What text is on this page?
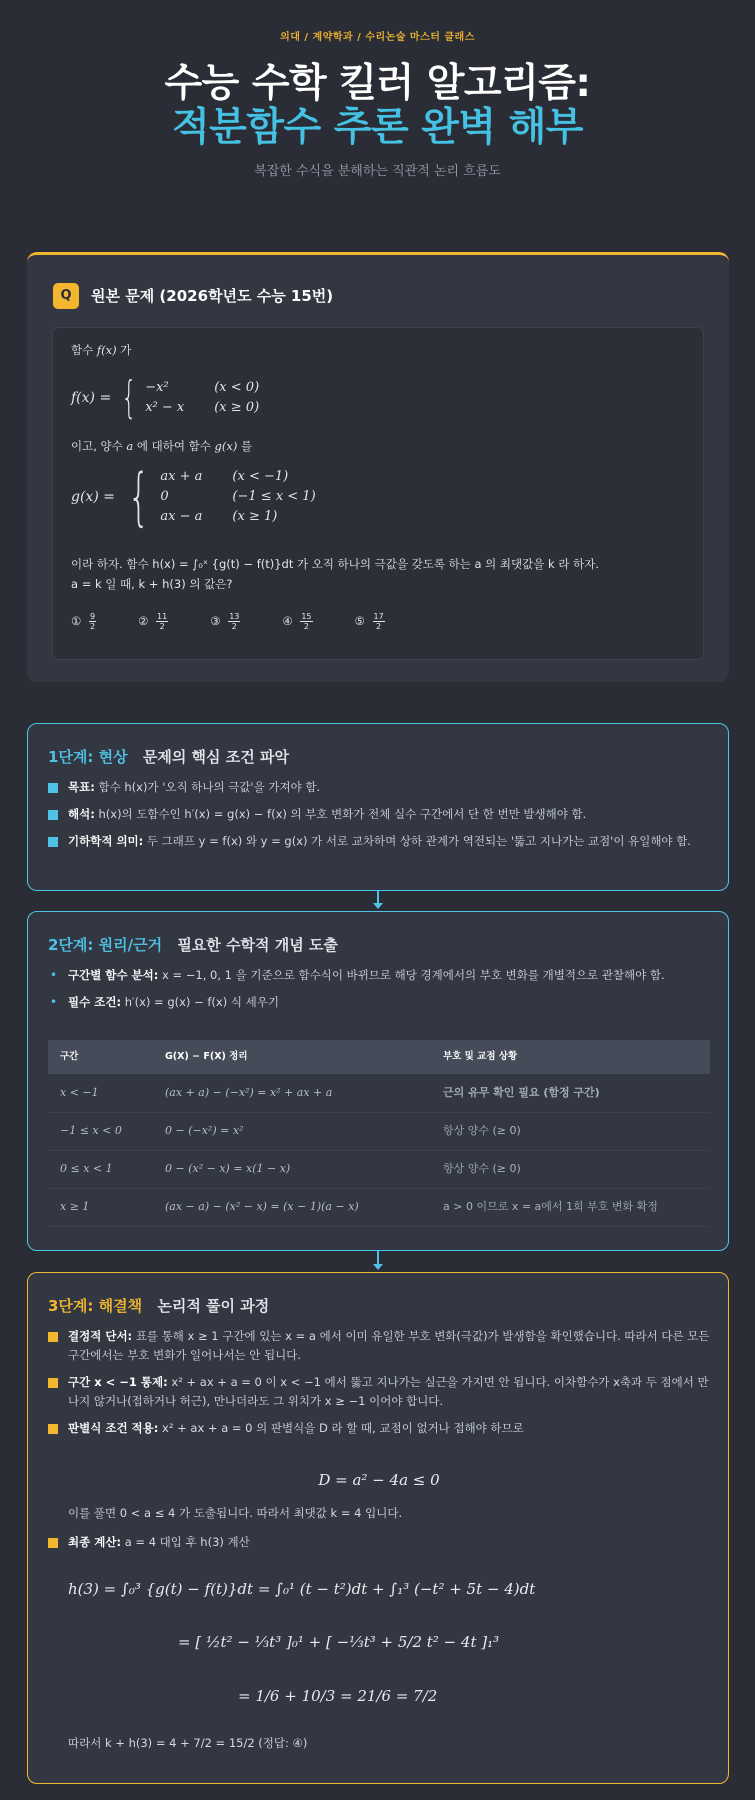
의대 / 계약학과 / 수리논술 마스터 클래스
수능 수학 킬러 알고리즘:
적분함수 추론 완벽 해부
복잡한 수식을 분해하는 직관적 논리 흐름도
Q	원본 문제 (2026학년도 수능 15번)
함수 f(x) 가
f(x) = { −x²	(x < 0)
x² − x	(x ≥ 0)
이고, 양수 a 에 대하여 함수 g(x) 를
g(x) = { ax + a	(x < −1)
0	(−1 ≤ x < 1)
ax − a	(x ≥ 1)
이라 하자. 함수 h(x) = ∫₀ˣ {g(t) − f(t)}dt 가 오직 하나의 극값을 갖도록 하는 a 의 최댓값을 k 라 하자.
a = k 일 때, k + h(3) 의 값은?
① $\frac{9}{2}$ ② $\frac{11}{2}$ ③ $\frac{13}{2}$ ④ $\frac{15}{2}$ ⑤ $\frac{17}{2}$
1단계: 현상 문제의 핵심 조건 파악
목표: 함수 h(x)가 '오직 하나의 극값'을 가져야 함.
해석: h(x)의 도함수인 h′(x) = g(x) − f(x) 의 부호 변화가 전체 실수 구간에서 단 한 번만 발생해야 함.
기하학적 의미: 두 그래프 y = f(x) 와 y = g(x) 가 서로 교차하며 상하 관계가 역전되는 '뚫고 지나가는 교점'이 유일해야 함.
2단계: 원리/근거 필요한 수학적 개념 도출
• 구간별 함수 분석: x = −1, 0, 1 을 기준으로 함수식이 바뀌므로 해당 경계에서의 부호 변화를 개별적으로 관찰해야 함.
• 필수 조건: h′(x) = g(x) − f(x) 식 세우기
구간	G(X) − F(X) 정리	부호 및 교점 상황
x < −1	(ax + a) − (−x²) = x² + ax + a	근의 유무 확인 필요 (함정 구간)
−1 ≤ x < 0	0 − (−x²) = x²	항상 양수 (≥ 0)
0 ≤ x < 1	0 − (x² − x) = x(1 − x)	항상 양수 (≥ 0)
x ≥ 1	(ax − a) − (x² − x) = (x − 1)(a − x)	a > 0 이므로 x = a에서 1회 부호 변화 확정
3단계: 해결책 논리적 풀이 과정
결정적 단서: 표를 통해 x ≥ 1 구간에 있는 x = a 에서 이미 유일한 부호 변화(극값)가 발생함을 확인했습니다. 따라서 다른 모든 구간에서는 부호 변화가 일어나서는 안 됩니다.
구간 x < −1 통제: x² + ax + a = 0 이 x < −1 에서 뚫고 지나가는 실근을 가지면 안 됩니다. 이차함수가 x축과 두 점에서 만나지 않거나(접하거나 허근), 만나더라도 그 위치가 x ≥ −1 이어야 합니다.
판별식 조건 적용: x² + ax + a = 0 의 판별식을 D 라 할 때, 교점이 없거나 접해야 하므로
D = a² − 4a ≤ 0
이를 풀면 0 < a ≤ 4 가 도출됩니다. 따라서 최댓값 k = 4 입니다.
최종 계산: a = 4 대입 후 h(3) 계산
h(3) = ∫₀³ {g(t) − f(t)}dt = ∫₀¹ (t − t²)dt + ∫₁³ (−t² + 5t − 4)dt
= [ ½t² − ⅓t³ ]₀¹ + [ −⅓t³ + 5/2 t² − 4t ]₁³
= 1/6 + 10/3 = 21/6 = 7/2
따라서 k + h(3) = 4 + 7/2 = 15/2 (정답: ④)
